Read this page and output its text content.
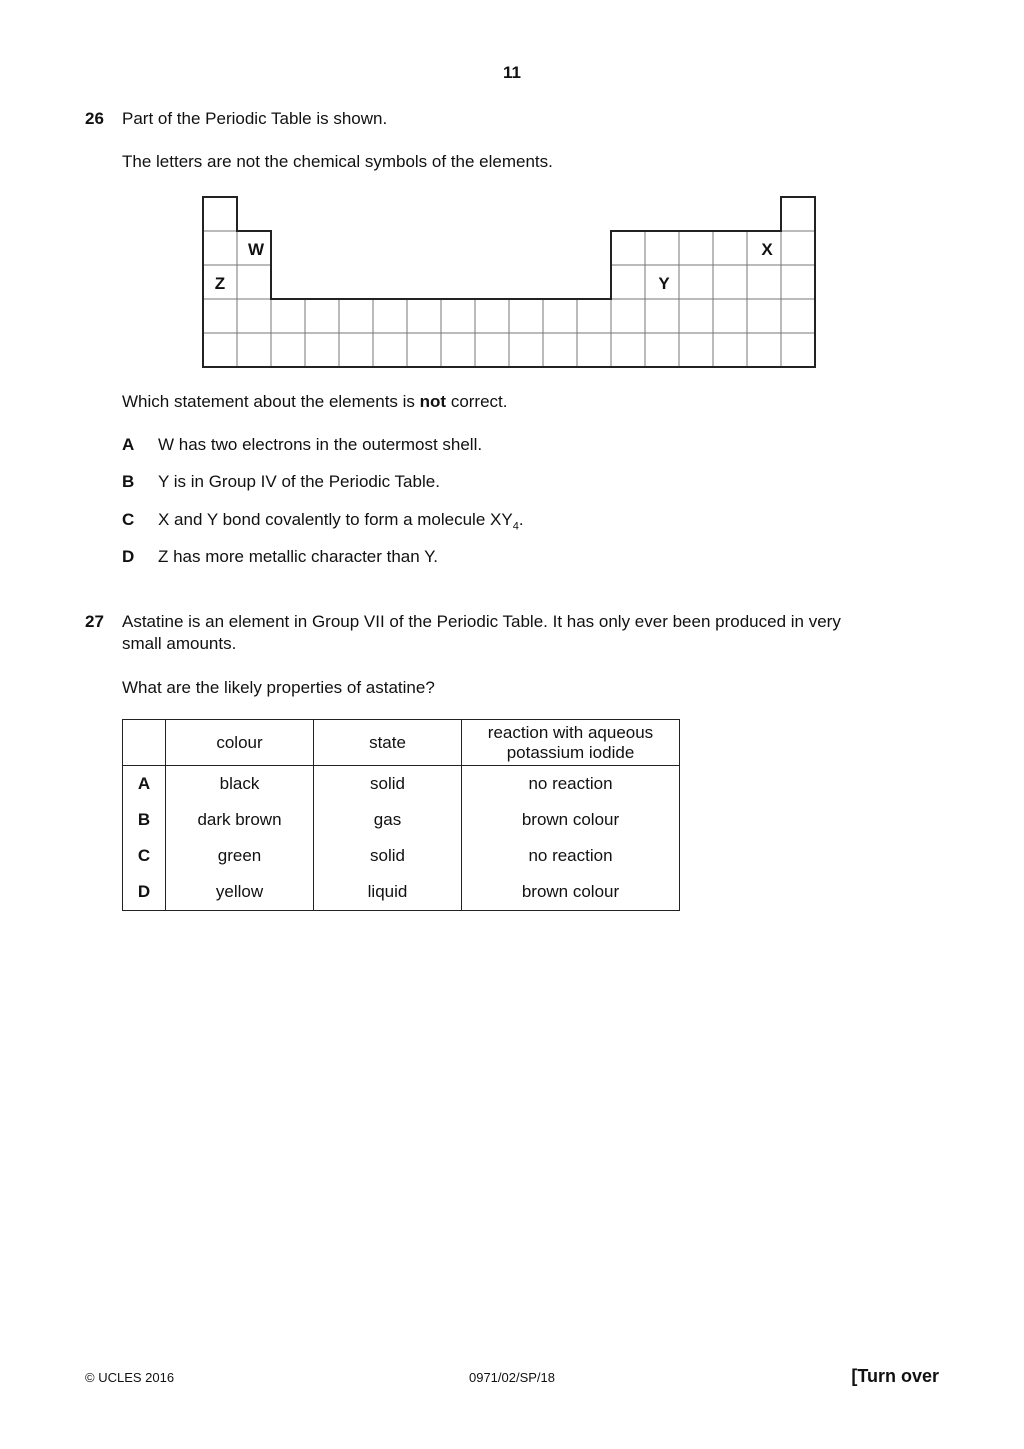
11
26 Part of the Periodic Table is shown.
The letters are not the chemical symbols of the elements.
W	X
Z	Y
Which statement about the elements is not correct.
A W has two electrons in the outermost shell.
B Y is in Group IV of the Periodic Table.
C X and Y bond covalently to form a molecule $XY_4$.
D Z has more metallic character than Y.
27 Astatine is an element in Group VII of the Periodic Table. It has only ever been produced in very
small amounts.
What are the likely properties of astatine?
	colour	state	reaction with aqueous
potassium iodide
A	black	solid	no reaction
B	dark brown	gas	brown colour
C	green	solid	no reaction
D	yellow	liquid	brown colour
© UCLES 2016	0971/02/SP/18	[Turn over
